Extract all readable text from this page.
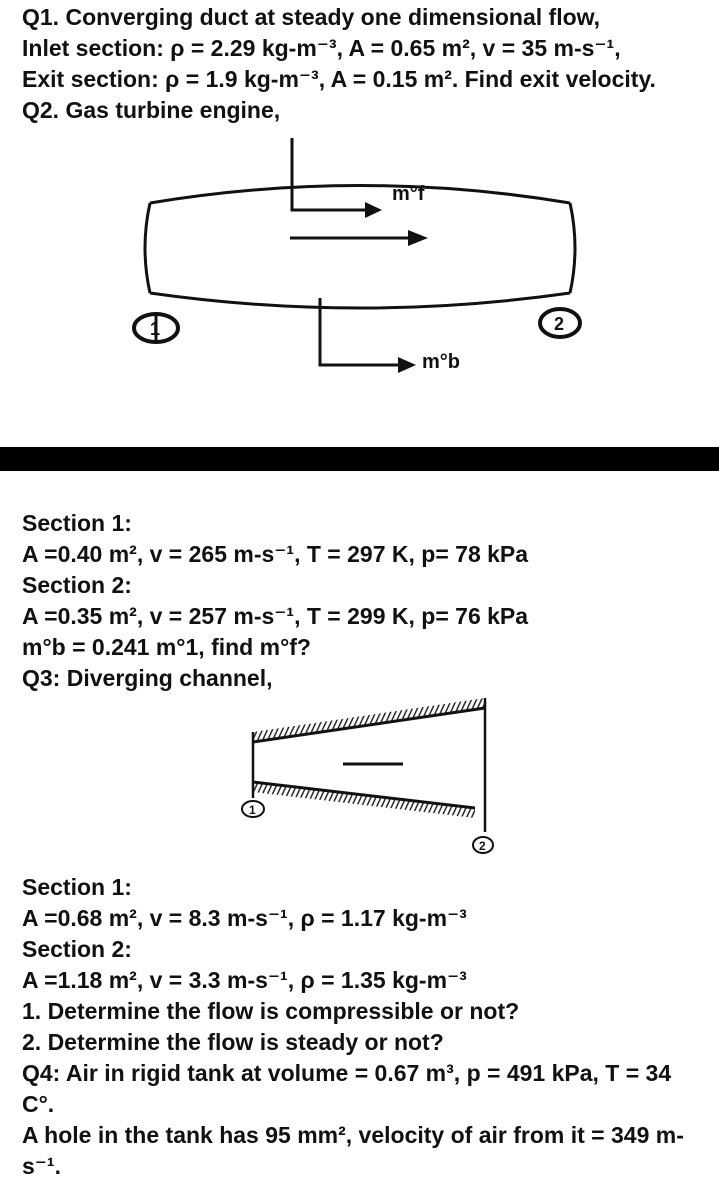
Q1. Converging duct at steady one dimensional flow,
Inlet section: ρ = 2.29 kg-m⁻³, A = 0.65 m², v = 35 m-s⁻¹,
Exit section: ρ = 1.9 kg-m⁻³, A = 0.15 m². Find exit velocity.
Q2. Gas turbine engine,
m°f
m°b
1	2
Section 1:
A =0.40 m², v = 265 m-s⁻¹, T = 297 K, p= 78 kPa
Section 2:
A =0.35 m², v = 257 m-s⁻¹, T = 299 K, p= 76 kPa
m°b = 0.241 m°1, find m°f?
Q3: Diverging channel,
1
2
Section 1:
A =0.68 m², v = 8.3 m-s⁻¹, ρ = 1.17 kg-m⁻³
Section 2:
A =1.18 m², v = 3.3 m-s⁻¹, ρ = 1.35 kg-m⁻³
1. Determine the flow is compressible or not?
2. Determine the flow is steady or not?
Q4: Air in rigid tank at volume = 0.67 m³, p = 491 kPa, T = 34 C°.
A hole in the tank has 95 mm², velocity of air from it = 349 m-s⁻¹.
